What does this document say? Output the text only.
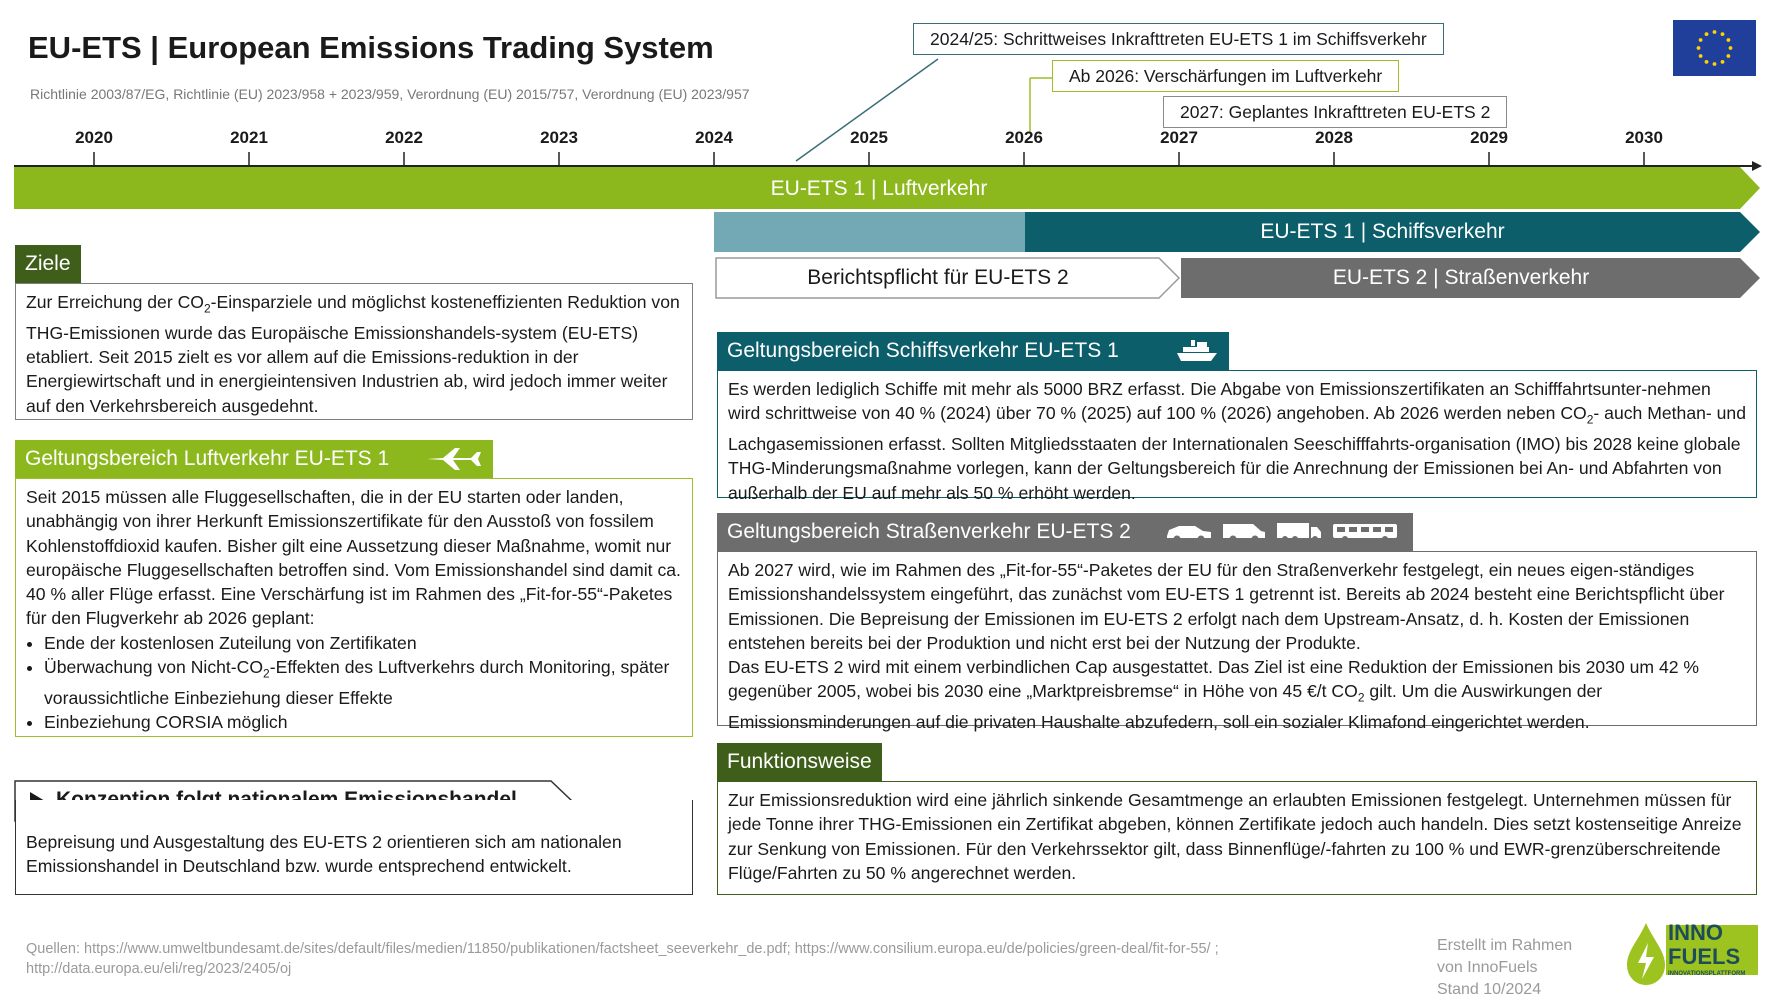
EU-ETS | European Emissions Trading System
Richtlinie 2003/87/EG, Richtlinie (EU) 2023/958 + 2023/959, Verordnung (EU) 2015/757, Verordnung (EU) 2023/957
2024/25: Schrittweises Inkrafttreten EU-ETS 1 im Schiffsverkehr
Ab 2026: Verschärfungen im Luftverkehr
2027: Geplantes Inkrafttreten EU-ETS 2
2020	2021	2022	2023	2024	2025	2026	2027	2028	2029	2030
EU-ETS 1 | Luftverkehr
EU-ETS 1 | Schiffsverkehr
Berichtspflicht für EU-ETS 2	EU-ETS 2 | Straßenverkehr
Ziele

Zur Erreichung der $CO_2$-Einsparziele und möglichst kosteneffizienten Reduktion von THG-Emissionen wurde das Europäische Emissionshandels-system (EU-ETS) etabliert. Seit 2015 zielt es vor allem auf die Emissions-reduktion in der Energiewirtschaft und in energieintensiven Industrien ab, wird jedoch immer weiter auf den Verkehrsbereich ausgedehnt.

Geltungsbereich Luftverkehr EU-ETS 1

Seit 2015 müssen alle Fluggesellschaften, die in der EU starten oder landen, unabhängig von ihrer Herkunft Emissionszertifikate für den Ausstoß von fossilem Kohlenstoffdioxid kaufen. Bisher gilt eine Aussetzung dieser Maßnahme, womit nur europäische Fluggesellschaften betroffen sind. Vom Emissionshandel sind damit ca. 40 % aller Flüge erfasst. Eine Verschärfung ist im Rahmen des „Fit-for-55“-Paketes für den Flugverkehr ab 2026 geplant:

• Ende der kostenlosen Zuteilung von Zertifikaten
• Überwachung von Nicht-$CO_2$-Effekten des Luftverkehrs durch Monitoring, später voraussichtliche Einbeziehung dieser Effekte
• Einbeziehung CORSIA möglich

Bepreisung und Ausgestaltung des EU-ETS 2 orientieren sich am nationalen Emissionshandel in Deutschland bzw. wurde entsprechend entwickelt.

Geltungsbereich Schiffsverkehr EU-ETS 1

Es werden lediglich Schiffe mit mehr als 5000 BRZ erfasst. Die Abgabe von Emissionszertifikaten an Schifffahrtsunter-nehmen wird schrittweise von 40 % (2024) über 70 % (2025) auf 100 % (2026) angehoben. Ab 2026 werden neben $CO_2-$ auch Methan- und Lachgasemissionen erfasst. Sollten Mitgliedsstaaten der Internationalen Seeschifffahrts-organisation (IMO) bis 2028 keine globale THG-Minderungsmaßnahme vorlegen, kann der Geltungsbereich für die Anrechnung der Emissionen bei An- und Abfahrten von außerhalb der EU auf mehr als 50 % erhöht werden.

Geltungsbereich Straßenverkehr EU-ETS 2

Ab 2027 wird, wie im Rahmen des „Fit-for-55“-Paketes der EU für den Straßenverkehr festgelegt, ein neues eigen-ständiges Emissionshandelssystem eingeführt, das zunächst vom EU-ETS 1 getrennt ist. Bereits ab 2024 besteht eine Berichtspflicht über Emissionen. Die Bepreisung der Emissionen im EU-ETS 2 erfolgt nach dem Upstream-Ansatz, d. h. Kosten der Emissionen entstehen bereits bei der Produktion und nicht erst bei der Nutzung der Produkte.

Das EU-ETS 2 wird mit einem verbindlichen Cap ausgestattet. Das Ziel ist eine Reduktion der Emissionen bis 2030 um 42 % gegenüber 2005, wobei bis 2030 eine „Marktpreisbremse“ in Höhe von 45 €/t $CO_2$ gilt. Um die Auswirkungen der Emissionsminderungen auf die privaten Haushalte abzufedern, soll ein sozialer Klimafond eingerichtet werden.

Funktionsweise

Zur Emissionsreduktion wird eine jährlich sinkende Gesamtmenge an erlaubten Emissionen festgelegt. Unternehmen müssen für jede Tonne ihrer THG-Emissionen ein Zertifikat abgeben, können Zertifikate jedoch auch handeln. Dies setzt kostenseitige Anreize zur Senkung von Emissionen. Für den Verkehrssektor gilt, dass Binnenflüge/-fahrten zu 100 % und EWR-grenzüberschreitende Flüge/Fahrten zu 50 % angerechnet werden.

Quellen: https://www.umweltbundesamt.de/sites/default/files/medien/11850/publikationen/factsheet_seeverkehr_de.pdf; https://www.consilium.europa.eu/de/policies/green-deal/fit-for-55/ ;
http://data.europa.eu/eli/reg/2023/2405/oj
Erstellt im Rahmen
von InnoFuels
Stand 10/2024
INNO
FUELS
INNOVATIONSPLATTFORM
